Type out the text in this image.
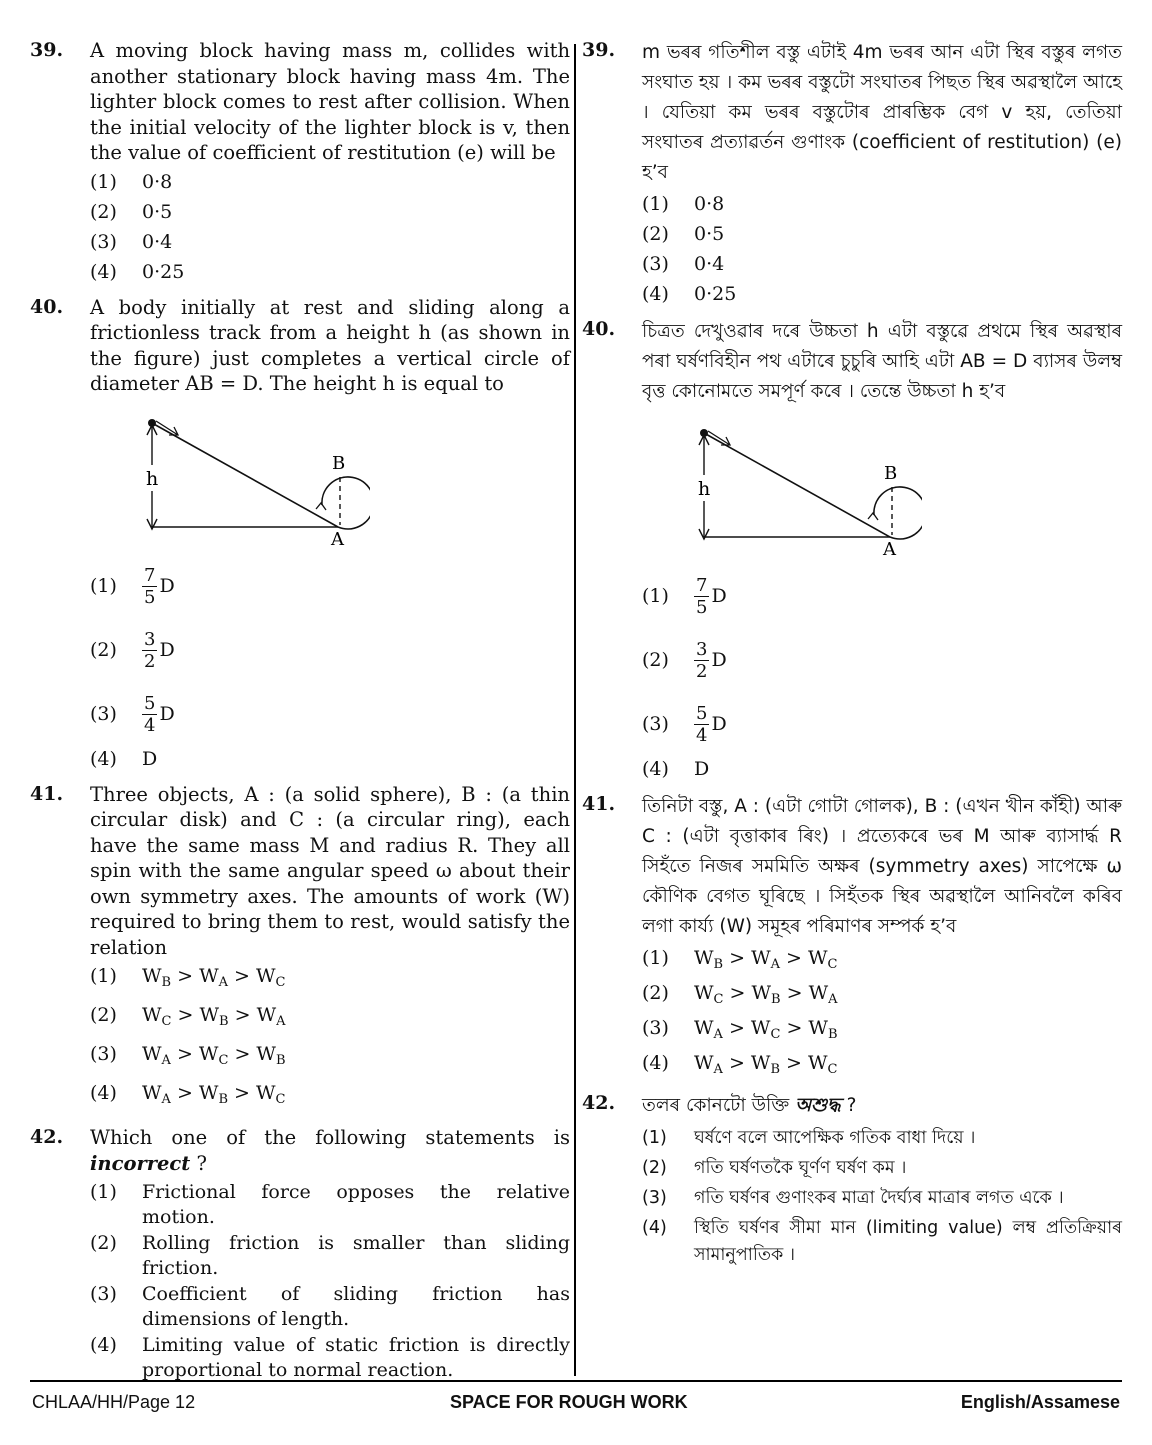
39. A moving block having mass m, collides with another stationary block having mass 4m. The lighter block comes to rest after collision. When the initial velocity of the lighter block is v, then the value of coefficient of restitution (e) will be
(1)	0·8
(2)	0·5
(3)	0·4
(4)	0·25
40. A body initially at rest and sliding along a frictionless track from a height h (as shown in the figure) just completes a vertical circle of diameter AB = D. The height h is equal to
h
B
A
(1)	$\frac{7}{5}$ D
(2)	$\frac{3}{2}$ D
(3)	$\frac{5}{4}$ D
(4)	D
41. Three objects, A : (a solid sphere), B : (a thin circular disk) and C : (a circular ring), each have the same mass M and radius R. They all spin with the same angular speed ω about their own symmetry axes. The amounts of work (W) required to bring them to rest, would satisfy the relation
(1)	$W_B > W_A > W_C$
(2)	$W_C > W_B > W_A$
(3)	$W_A > W_C > W_B$
(4)	$W_A > W_B > W_C$
42. Which one of the following statements is incorrect ?
(1)	Frictional force opposes the relative motion.
(2)	Rolling friction is smaller than sliding friction.
(3)	Coefficient of sliding friction has dimensions of length.
(4)	Limiting value of static friction is directly proportional to normal reaction.
39. m ভৰৰ গতিশীল বস্তু এটাই 4m ভৰৰ আন এটা স্থিৰ বস্তুৰ লগত সংঘাত হয় । কম ভৰৰ বস্তুটো সংঘাতৰ পিছত স্থিৰ অৱস্থালৈ আহে । যেতিয়া কম ভৰৰ বস্তুটোৰ প্ৰাৰম্ভিক বেগ v হয়, তেতিয়া সংঘাতৰ প্ৰত্যাৱৰ্তন গুণাংক (coefficient of restitution) (e) হ’ব
(1)	0·8
(2)	0·5
(3)	0·4
(4)	0·25
40. চিত্ৰত দেখুওৱাৰ দৰে উচ্চতা h এটা বস্তুৱে প্ৰথমে স্থিৰ অৱস্থাৰ পৰা ঘৰ্ষণবিহীন পথ এটাৰে চুচুৰি আহি এটা AB = D ব্যাসৰ উলম্ব বৃত্ত কোনোমতে সমপূৰ্ণ কৰে । তেন্তে উচ্চতা h হ’ব
h
B
A
(1)	$\frac{7}{5}$ D
(2)	$\frac{3}{2}$ D
(3)	$\frac{5}{4}$ D
(4)	D
41. তিনিটা বস্তু, A : (এটা গোটা গোলক), B : (এখন খীন কাঁহী) আৰু C : (এটা বৃত্তাকাৰ ৰিং) । প্ৰত্যেকৰে ভৰ M আৰু ব্যাসাৰ্দ্ধ R সিহঁতে নিজৰ সমমিতি অক্ষৰ (symmetry axes) সাপেক্ষে ω কৌণিক বেগত ঘূৰিছে । সিহঁতক স্থিৰ অৱস্থালৈ আনিবলৈ কৰিব লগা কাৰ্য্য (W) সমূহৰ পৰিমাণৰ সম্পৰ্ক হ’ব
(1)	$W_B > W_A > W_C$
(2)	$W_C > W_B > W_A$
(3)	$W_A > W_C > W_B$
(4)	$W_A > W_B > W_C$
42. তলৰ কোনটো উক্তি অশুদ্ধ ?
(1)	ঘৰ্ষণে বলে আপেক্ষিক গতিক বাধা দিয়ে ।
(2)	গতি ঘৰ্ষণতকৈ ঘূৰ্ণণ ঘৰ্ষণ কম ।
(3)	গতি ঘৰ্ষণৰ গুণাংকৰ মাত্ৰা দৈৰ্ঘ্যৰ মাত্ৰাৰ লগত একে ।
(4)	স্থিতি ঘৰ্ষণৰ সীমা মান (limiting value) লম্ব প্ৰতিক্ৰিয়াৰ সামানুপাতিক ।
CHLAA/HH/Page 12	SPACE FOR ROUGH WORK	English/Assamese
